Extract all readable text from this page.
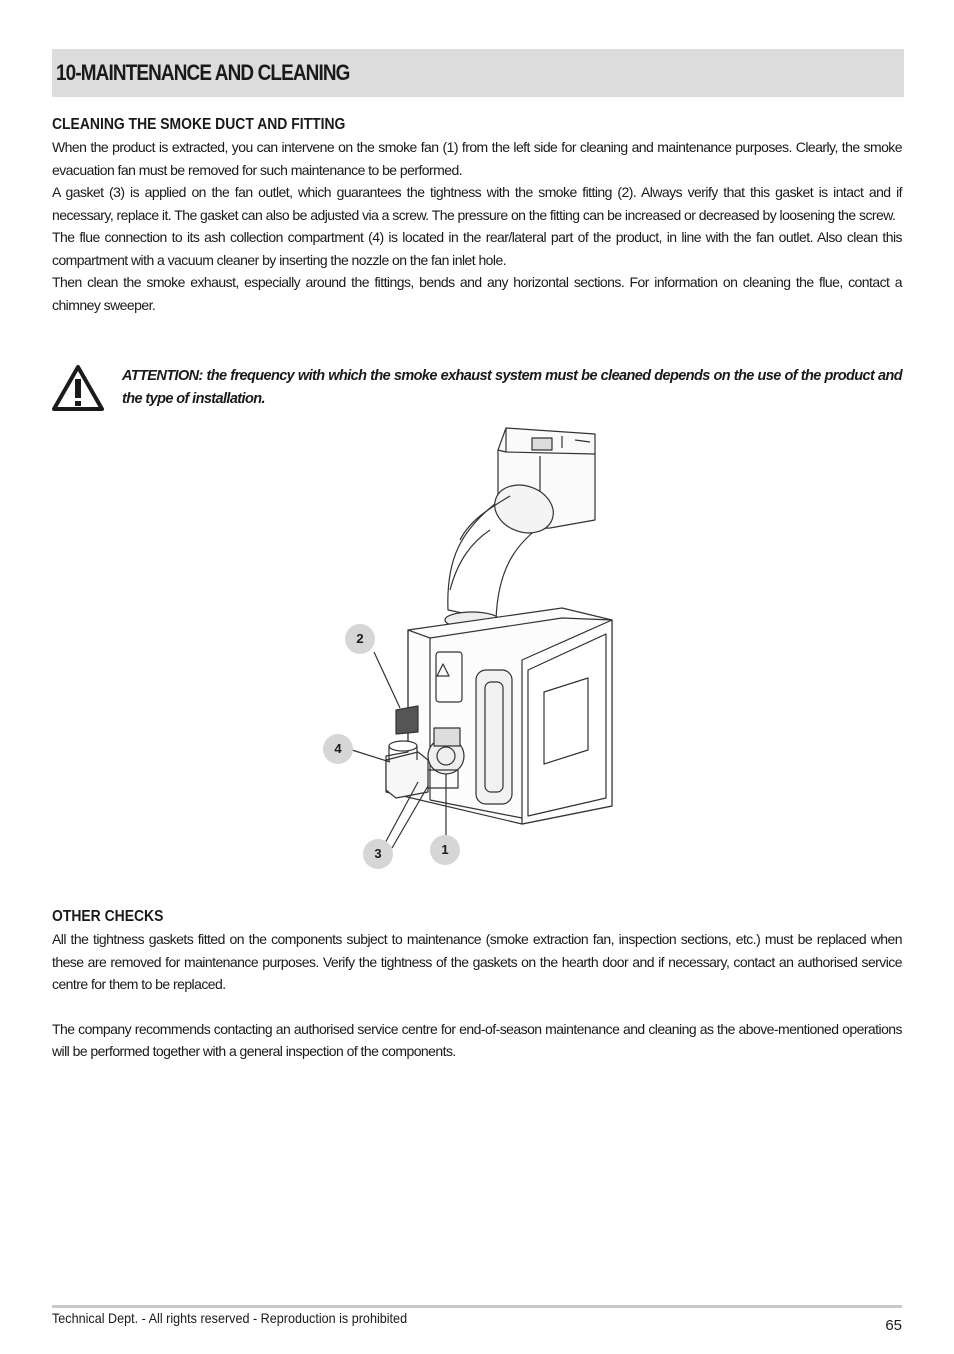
10-MAINTENANCE AND CLEANING
CLEANING THE SMOKE DUCT AND FITTING

When the product is extracted, you can intervene on the smoke fan (1) from the left side for cleaning and maintenance purposes. Clearly, the smoke evacuation fan must be removed for such maintenance to be performed.

A gasket (3) is applied on the fan outlet, which guarantees the tightness with the smoke fitting (2). Always verify that this gasket is intact and if necessary, replace it. The gasket can also be adjusted via a screw. The pressure on the fitting can be increased or decreased by loosening the screw.

The flue connection to its ash collection compartment (4) is located in the rear/lateral part of the product, in line with the fan outlet. Also clean this compartment with a vacuum cleaner by inserting the nozzle on the fan inlet hole.

Then clean the smoke exhaust, especially around the fittings, bends and any horizontal sections. For information on cleaning the flue, contact a chimney sweeper.

ATTENTION: the frequency with which the smoke exhaust system must be cleaned depends on the use of the product and the type of installation.
2
4
3	1
OTHER CHECKS

All the tightness gaskets fitted on the components subject to maintenance (smoke extraction fan, inspection sections, etc.) must be replaced when these are removed for maintenance purposes. Verify the tightness of the gaskets on the hearth door and if necessary, contact an authorised service centre for them to be replaced.

The company recommends contacting an authorised service centre for end-of-season maintenance and cleaning as the above-mentioned operations will be performed together with a general inspection of the components.

Technical Dept. - All rights reserved - Reproduction is prohibited	65
